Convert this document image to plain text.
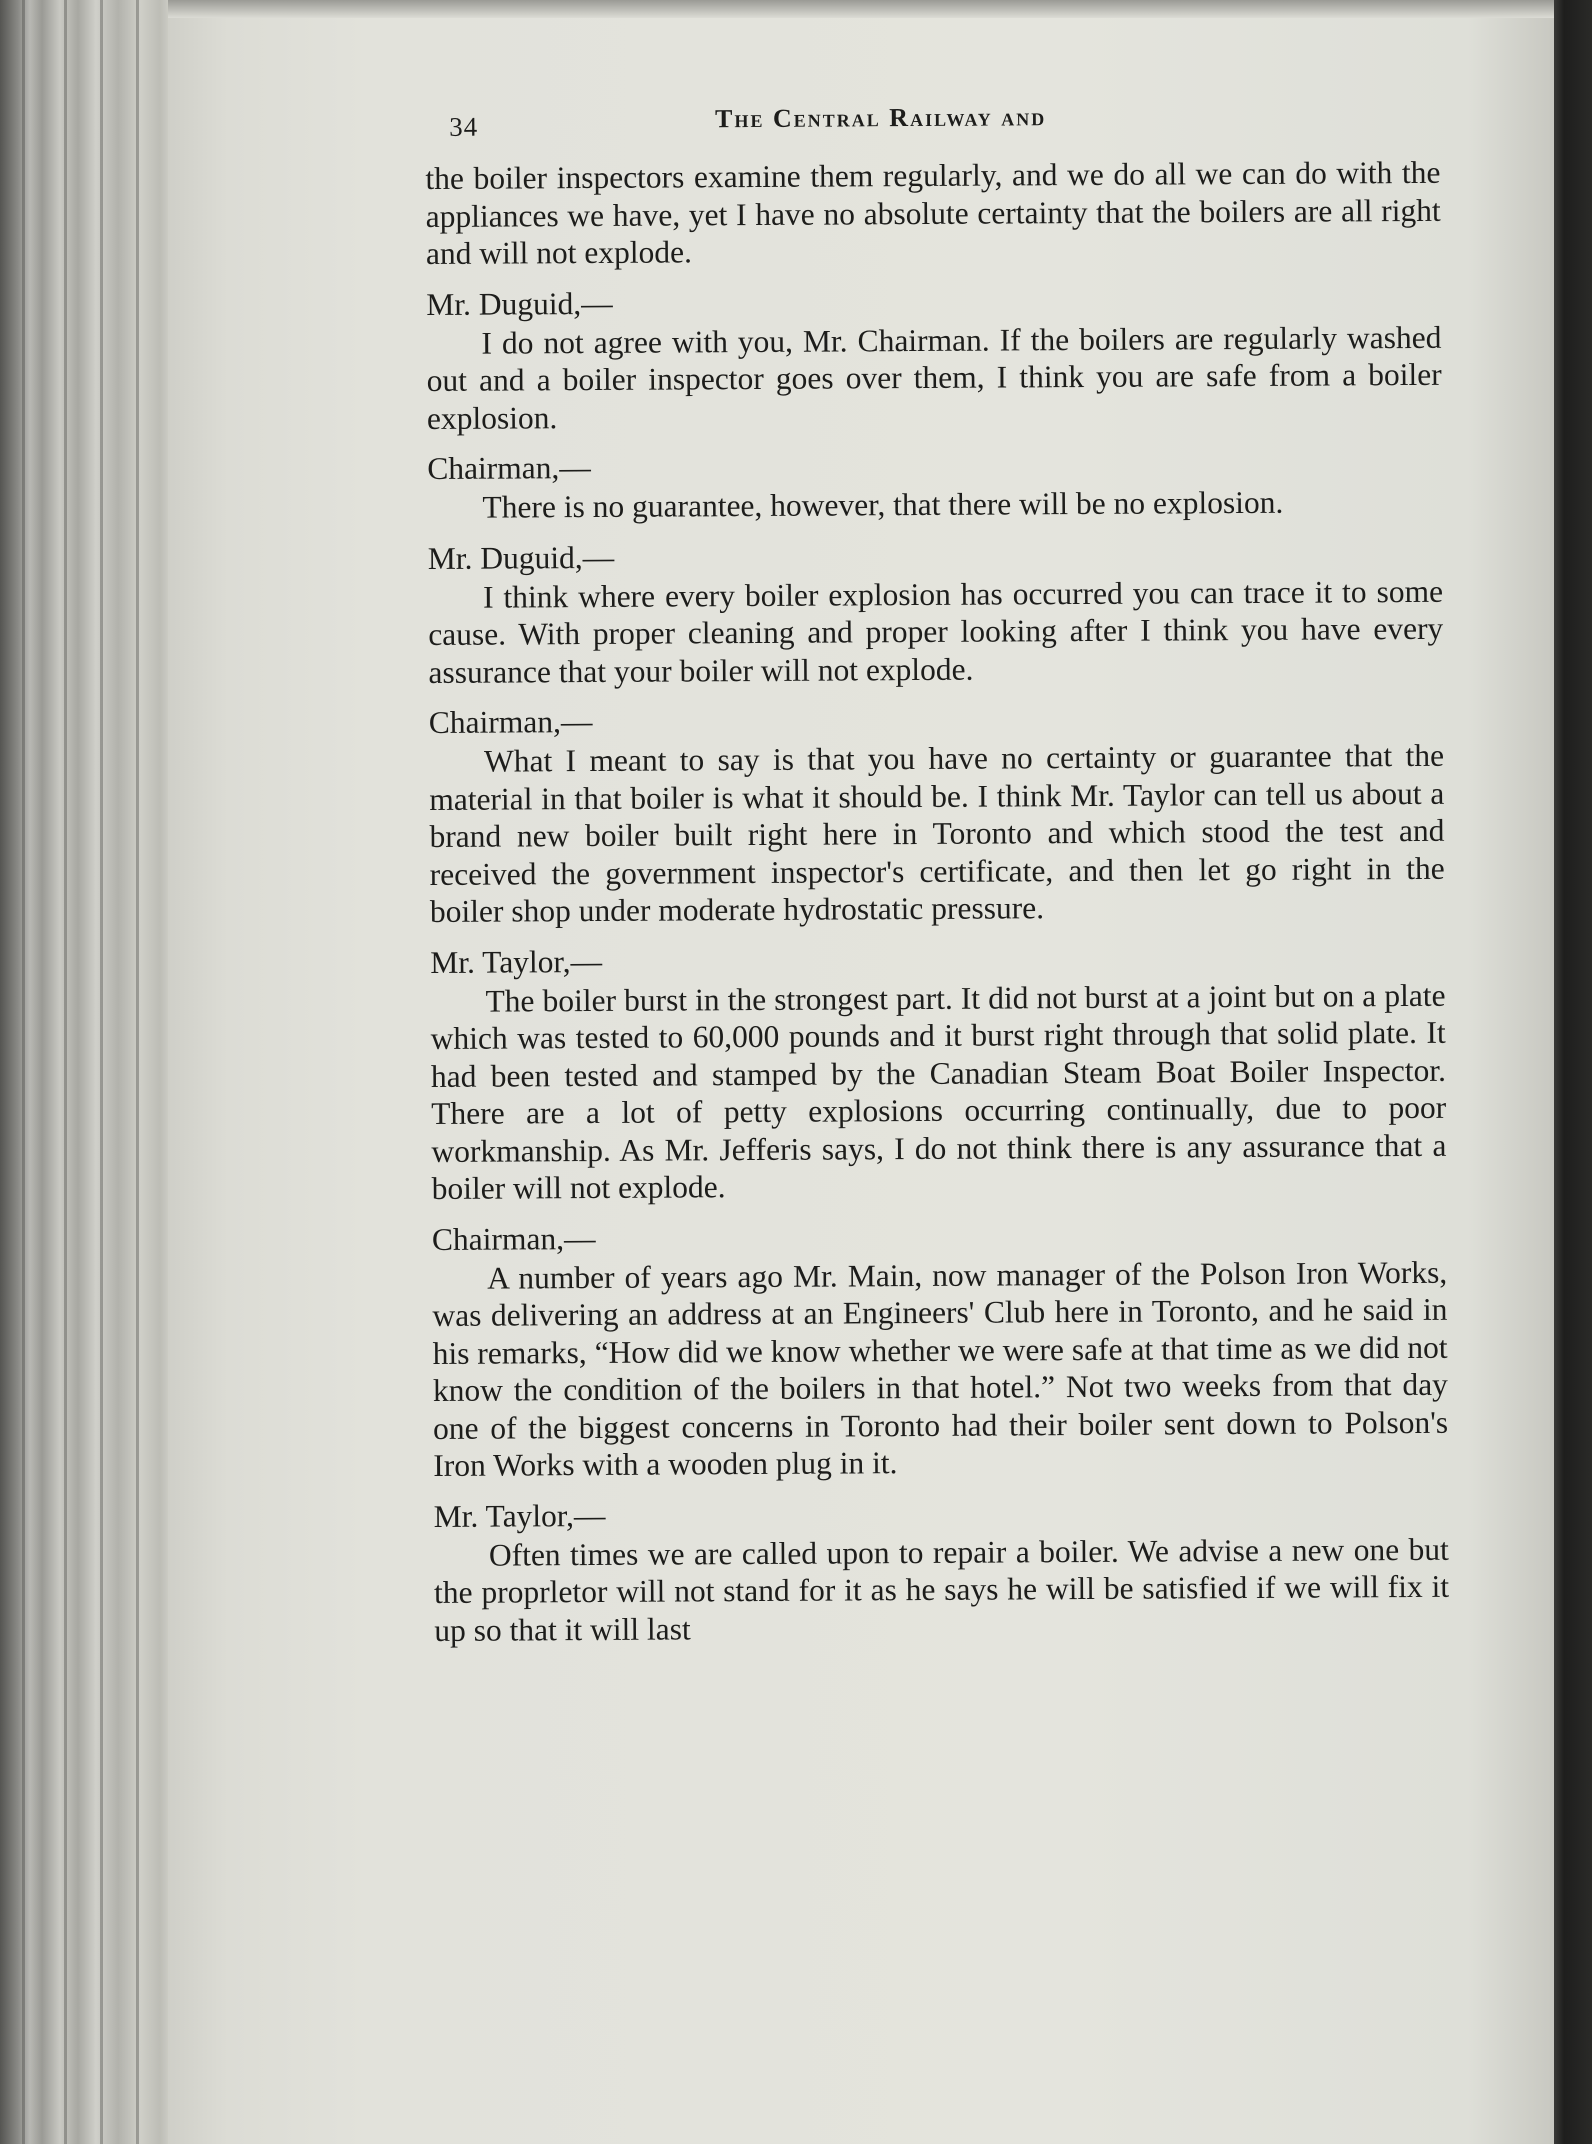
34	The Central Railway and

the boiler inspectors examine them regularly, and we do all we can do with the appliances we have, yet I have no absolute certainty that the boilers are all right and will not explode.

Mr. Duguid,—

I do not agree with you, Mr. Chairman. If the boilers are regularly washed out and a boiler inspector goes over them, I think you are safe from a boiler explosion.

Chairman,—

There is no guarantee, however, that there will be no explosion.

Mr. Duguid,—

I think where every boiler explosion has occurred you can trace it to some cause. With proper cleaning and proper looking after I think you have every assurance that your boiler will not explode.

Chairman,—

What I meant to say is that you have no certainty or guarantee that the material in that boiler is what it should be. I think Mr. Taylor can tell us about a brand new boiler built right here in Toronto and which stood the test and received the government inspector's certificate, and then let go right in the boiler shop under moderate hydrostatic pressure.

Mr. Taylor,—

The boiler burst in the strongest part. It did not burst at a joint but on a plate which was tested to 60,000 pounds and it burst right through that solid plate. It had been tested and stamped by the Canadian Steam Boat Boiler Inspector. There are a lot of petty explosions occurring continually, due to poor workmanship. As Mr. Jefferis says, I do not think there is any assurance that a boiler will not explode.

Chairman,—

A number of years ago Mr. Main, now manager of the Polson Iron Works, was delivering an address at an Engineers' Club here in Toronto, and he said in his remarks, “How did we know whether we were safe at that time as we did not know the condition of the boilers in that hotel.” Not two weeks from that day one of the biggest concerns in Toronto had their boiler sent down to Polson's Iron Works with a wooden plug in it.

Mr. Taylor,—

Often times we are called upon to repair a boiler. We advise a new one but the proprletor will not stand for it as he says he will be satisfied if we will fix it up so that it will last
